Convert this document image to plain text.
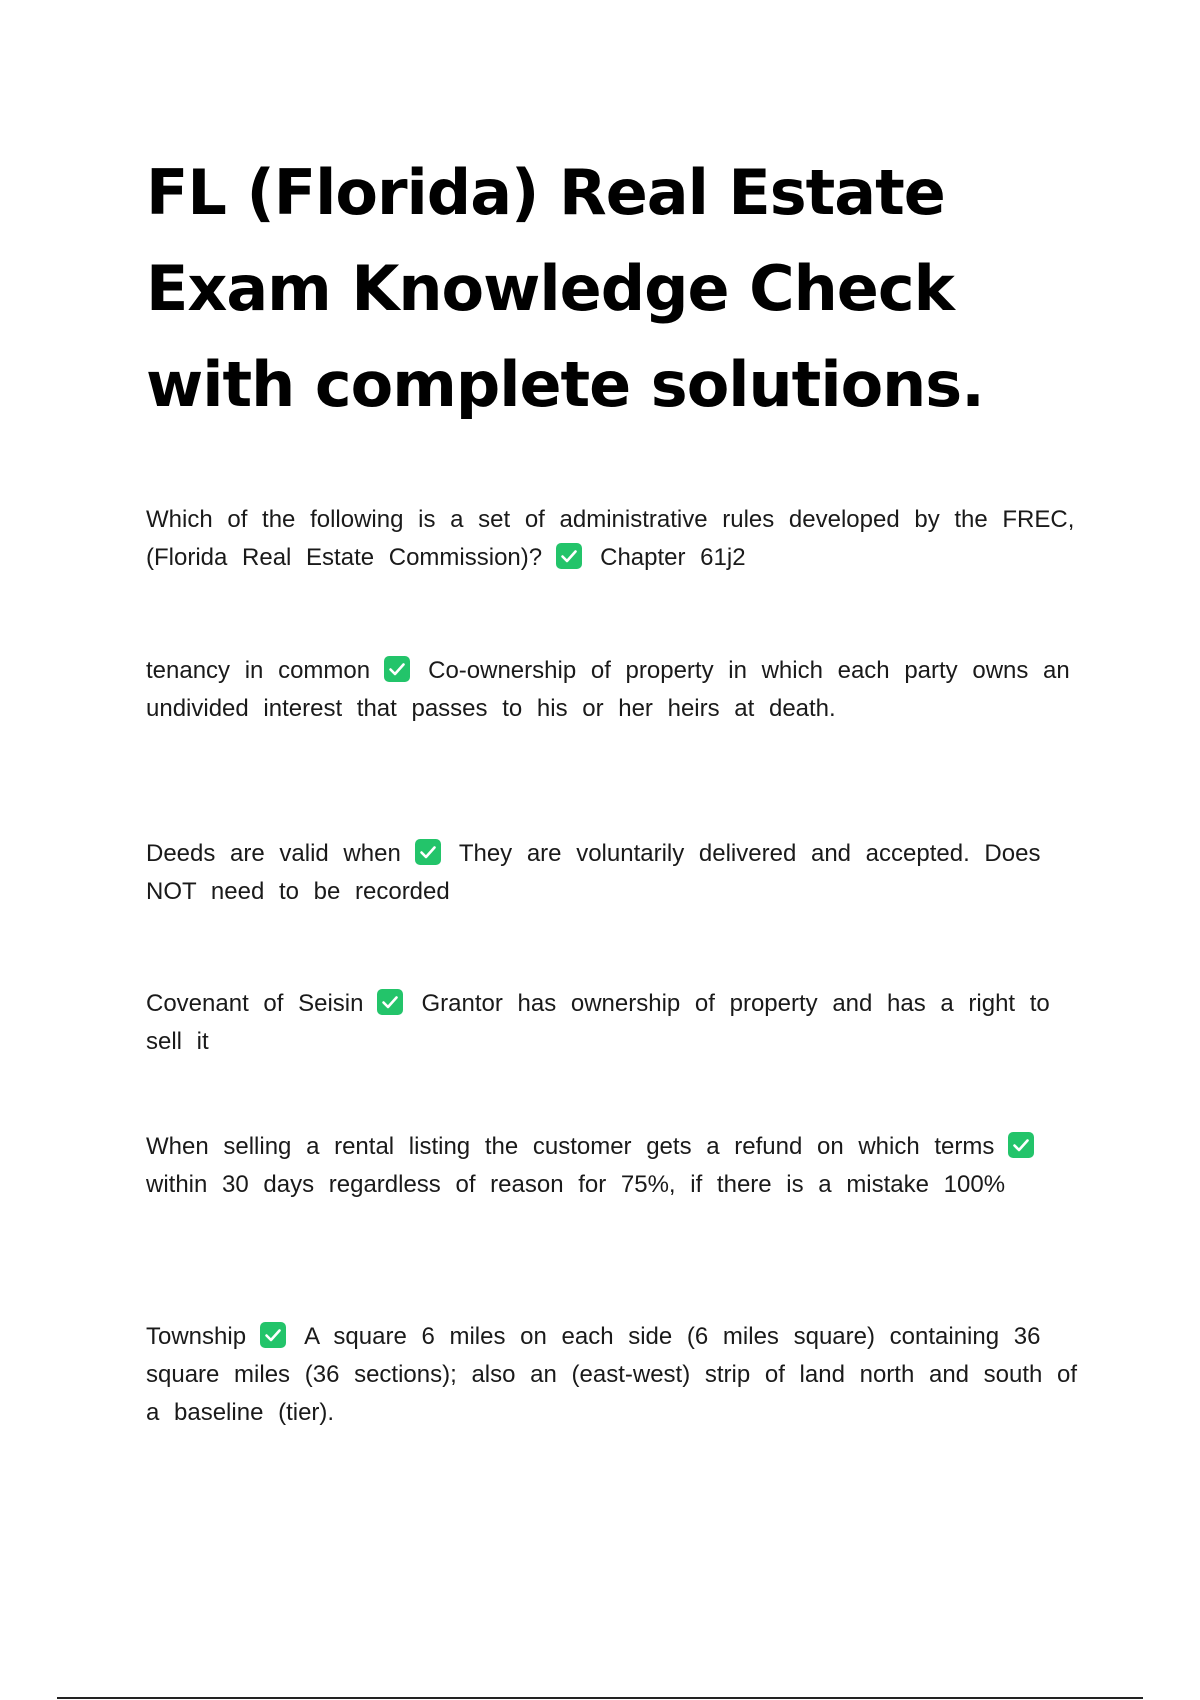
FL (Florida) Real Estate Exam Knowledge Check with complete solutions.

Which of the following is a set of administrative rules developed by the FREC, (Florida Real Estate Commission)? Chapter 61j2

tenancy in common Co-ownership of property in which each party owns an undivided interest that passes to his or her heirs at death.

Deeds are valid when They are voluntarily delivered and accepted. Does NOT need to be recorded

Covenant of Seisin Grantor has ownership of property and has a right to sell it

When selling a rental listing the customer gets a refund on which terms
within 30 days regardless of reason for 75%, if there is a mistake 100%

Township A square 6 miles on each side (6 miles square) containing 36 square miles (36 sections); also an (east-west) strip of land north and south of a baseline (tier).
